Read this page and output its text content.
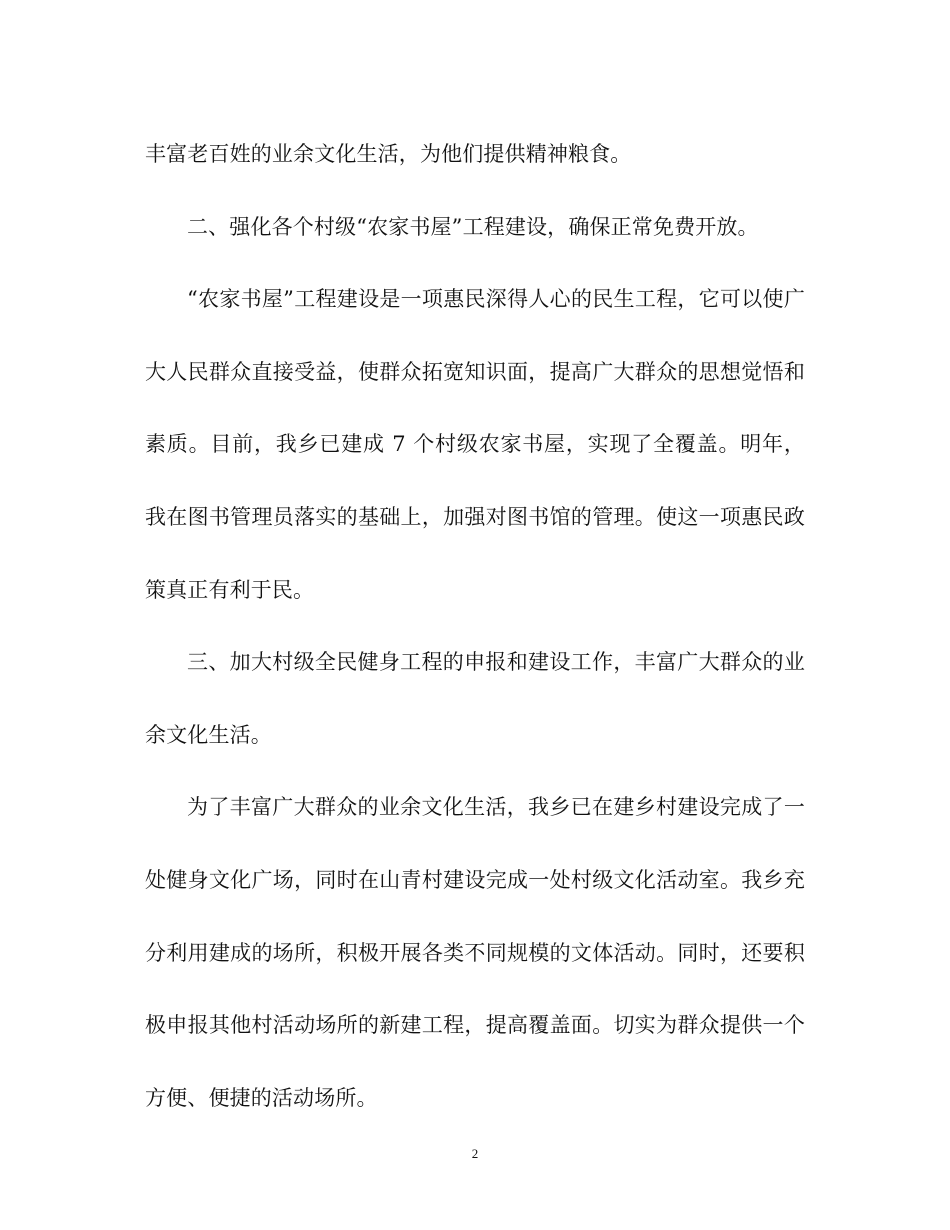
丰富老百姓的业余文化生活，为他们提供精神粮食。

二、强化各个村级“农家书屋”工程建设，确保正常免费开放。

“农家书屋”工程建设是一项惠民深得人心的民生工程，它可以使广大人民群众直接受益，使群众拓宽知识面，提高广大群众的思想觉悟和素质。目前，我乡已建成 7 个村级农家书屋，实现了全覆盖。明年，我在图书管理员落实的基础上，加强对图书馆的管理。使这一项惠民政策真正有利于民。

三、加大村级全民健身工程的申报和建设工作，丰富广大群众的业余文化生活。

为了丰富广大群众的业余文化生活，我乡已在建乡村建设完成了一处健身文化广场，同时在山青村建设完成一处村级文化活动室。我乡充分利用建成的场所，积极开展各类不同规模的文体活动。同时，还要积极申报其他村活动场所的新建工程，提高覆盖面。切实为群众提供一个方便、便捷的活动场所。

2
